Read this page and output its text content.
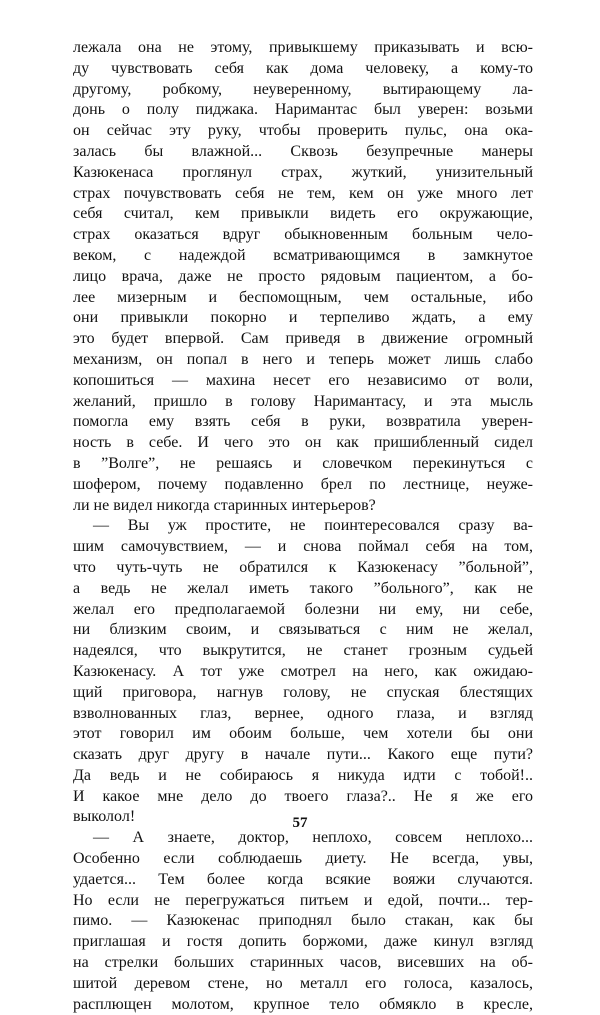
лежала она не этому, привыкшему приказывать и всю-
ду чувствовать себя как дома человеку, а кому-то
другому, робкому, неуверенному, вытирающему ла-
донь о полу пиджака. Наримантас был уверен: возьми
он сейчас эту руку, чтобы проверить пульс, она ока-
залась бы влажной... Сквозь безупречные манеры
Казюкенаса проглянул страх, жуткий, унизительный
страх почувствовать себя не тем, кем он уже много лет
себя считал, кем привыкли видеть его окружающие,
страх оказаться вдруг обыкновенным больным чело-
веком, с надеждой всматривающимся в замкнутое
лицо врача, даже не просто рядовым пациентом, а бо-
лее мизерным и беспомощным, чем остальные, ибо
они привыкли покорно и терпеливо ждать, а ему
это будет впервой. Сам приведя в движение огромный
механизм, он попал в него и теперь может лишь слабо
копошиться — махина несет его независимо от воли,
желаний, пришло в голову Наримантасу, и эта мысль
помогла ему взять себя в руки, возвратила уверен-
ность в себе. И чего это он как пришибленный сидел
в ”Волге”, не решаясь и словечком перекинуться с
шофером, почему подавленно брел по лестнице, неуже-
ли не видел никогда старинных интерьеров?
— Вы уж простите, не поинтересовался сразу ва-
шим самочувствием, — и снова поймал себя на том,
что чуть-чуть не обратился к Казюкенасу ”больной”,
а ведь не желал иметь такого ”больного”, как не
желал его предполагаемой болезни ни ему, ни себе,
ни близким своим, и связываться с ним не желал,
надеялся, что выкрутится, не станет грозным судьей
Казюкенасу. А тот уже смотрел на него, как ожидаю-
щий приговора, нагнув голову, не спуская блестящих
взволнованных глаз, вернее, одного глаза, и взгляд
этот говорил им обоим больше, чем хотели бы они
сказать друг другу в начале пути... Какого еще пути?
Да ведь и не собираюсь я никуда идти с тобой!..
И какое мне дело до твоего глаза?.. Не я же его
выколол!
— А знаете, доктор, неплохо, совсем неплохо...
Особенно если соблюдаешь диету. Не всегда, увы,
удается... Тем более когда всякие вояжи случаются.
Но если не перегружаться питьем и едой, почти... тер-
пимо. — Казюкенас приподнял было стакан, как бы
приглашая и гостя допить боржоми, даже кинул взгляд
на стрелки больших старинных часов, висевших на об-
шитой деревом стене, но металл его голоса, казалось,
расплющен молотом, крупное тело обмякло в кресле,
57
